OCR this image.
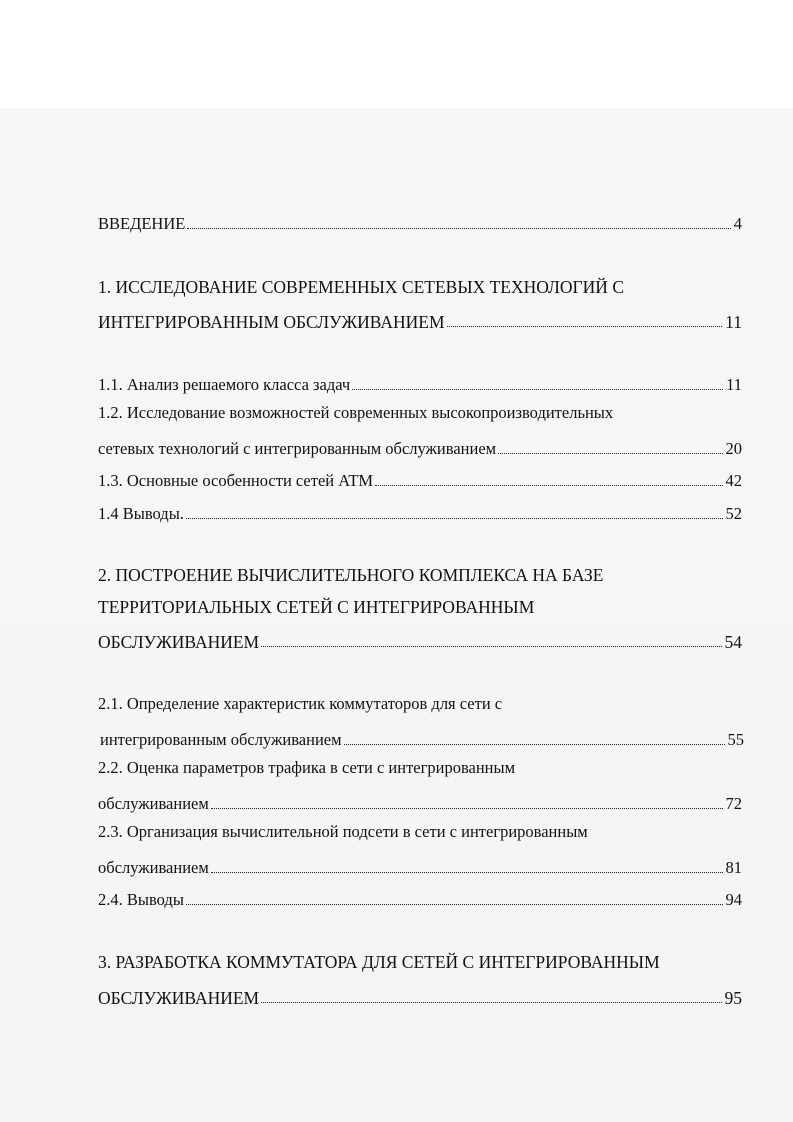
ВВЕДЕНИЕ	4
1. ИССЛЕДОВАНИЕ СОВРЕМЕННЫХ СЕТЕВЫХ ТЕХНОЛОГИЙ С
ИНТЕГРИРОВАННЫМ ОБСЛУЖИВАНИЕМ	11
1.1. Анализ решаемого класса задач	11
1.2. Исследование возможностей современных высокопроизводительных
сетевых технологий с интегрированным обслуживанием	20
1.3. Основные особенности сетей ATM	42
1.4 Выводы.	52
2. ПОСТРОЕНИЕ ВЫЧИСЛИТЕЛЬНОГО КОМПЛЕКСА НА БАЗЕ
ТЕРРИТОРИАЛЬНЫХ СЕТЕЙ С ИНТЕГРИРОВАННЫМ
ОБСЛУЖИВАНИЕМ	54
2.1. Определение характеристик коммутаторов для сети с
интегрированным обслуживанием	55
2.2. Оценка параметров трафика в сети с интегрированным
обслуживанием	72
2.3. Организация вычислительной подсети в сети с интегрированным
обслуживанием	81
2.4. Выводы	94
3. РАЗРАБОТКА КОММУТАТОРА ДЛЯ СЕТЕЙ С ИНТЕГРИРОВАННЫМ
ОБСЛУЖИВАНИЕМ	95
